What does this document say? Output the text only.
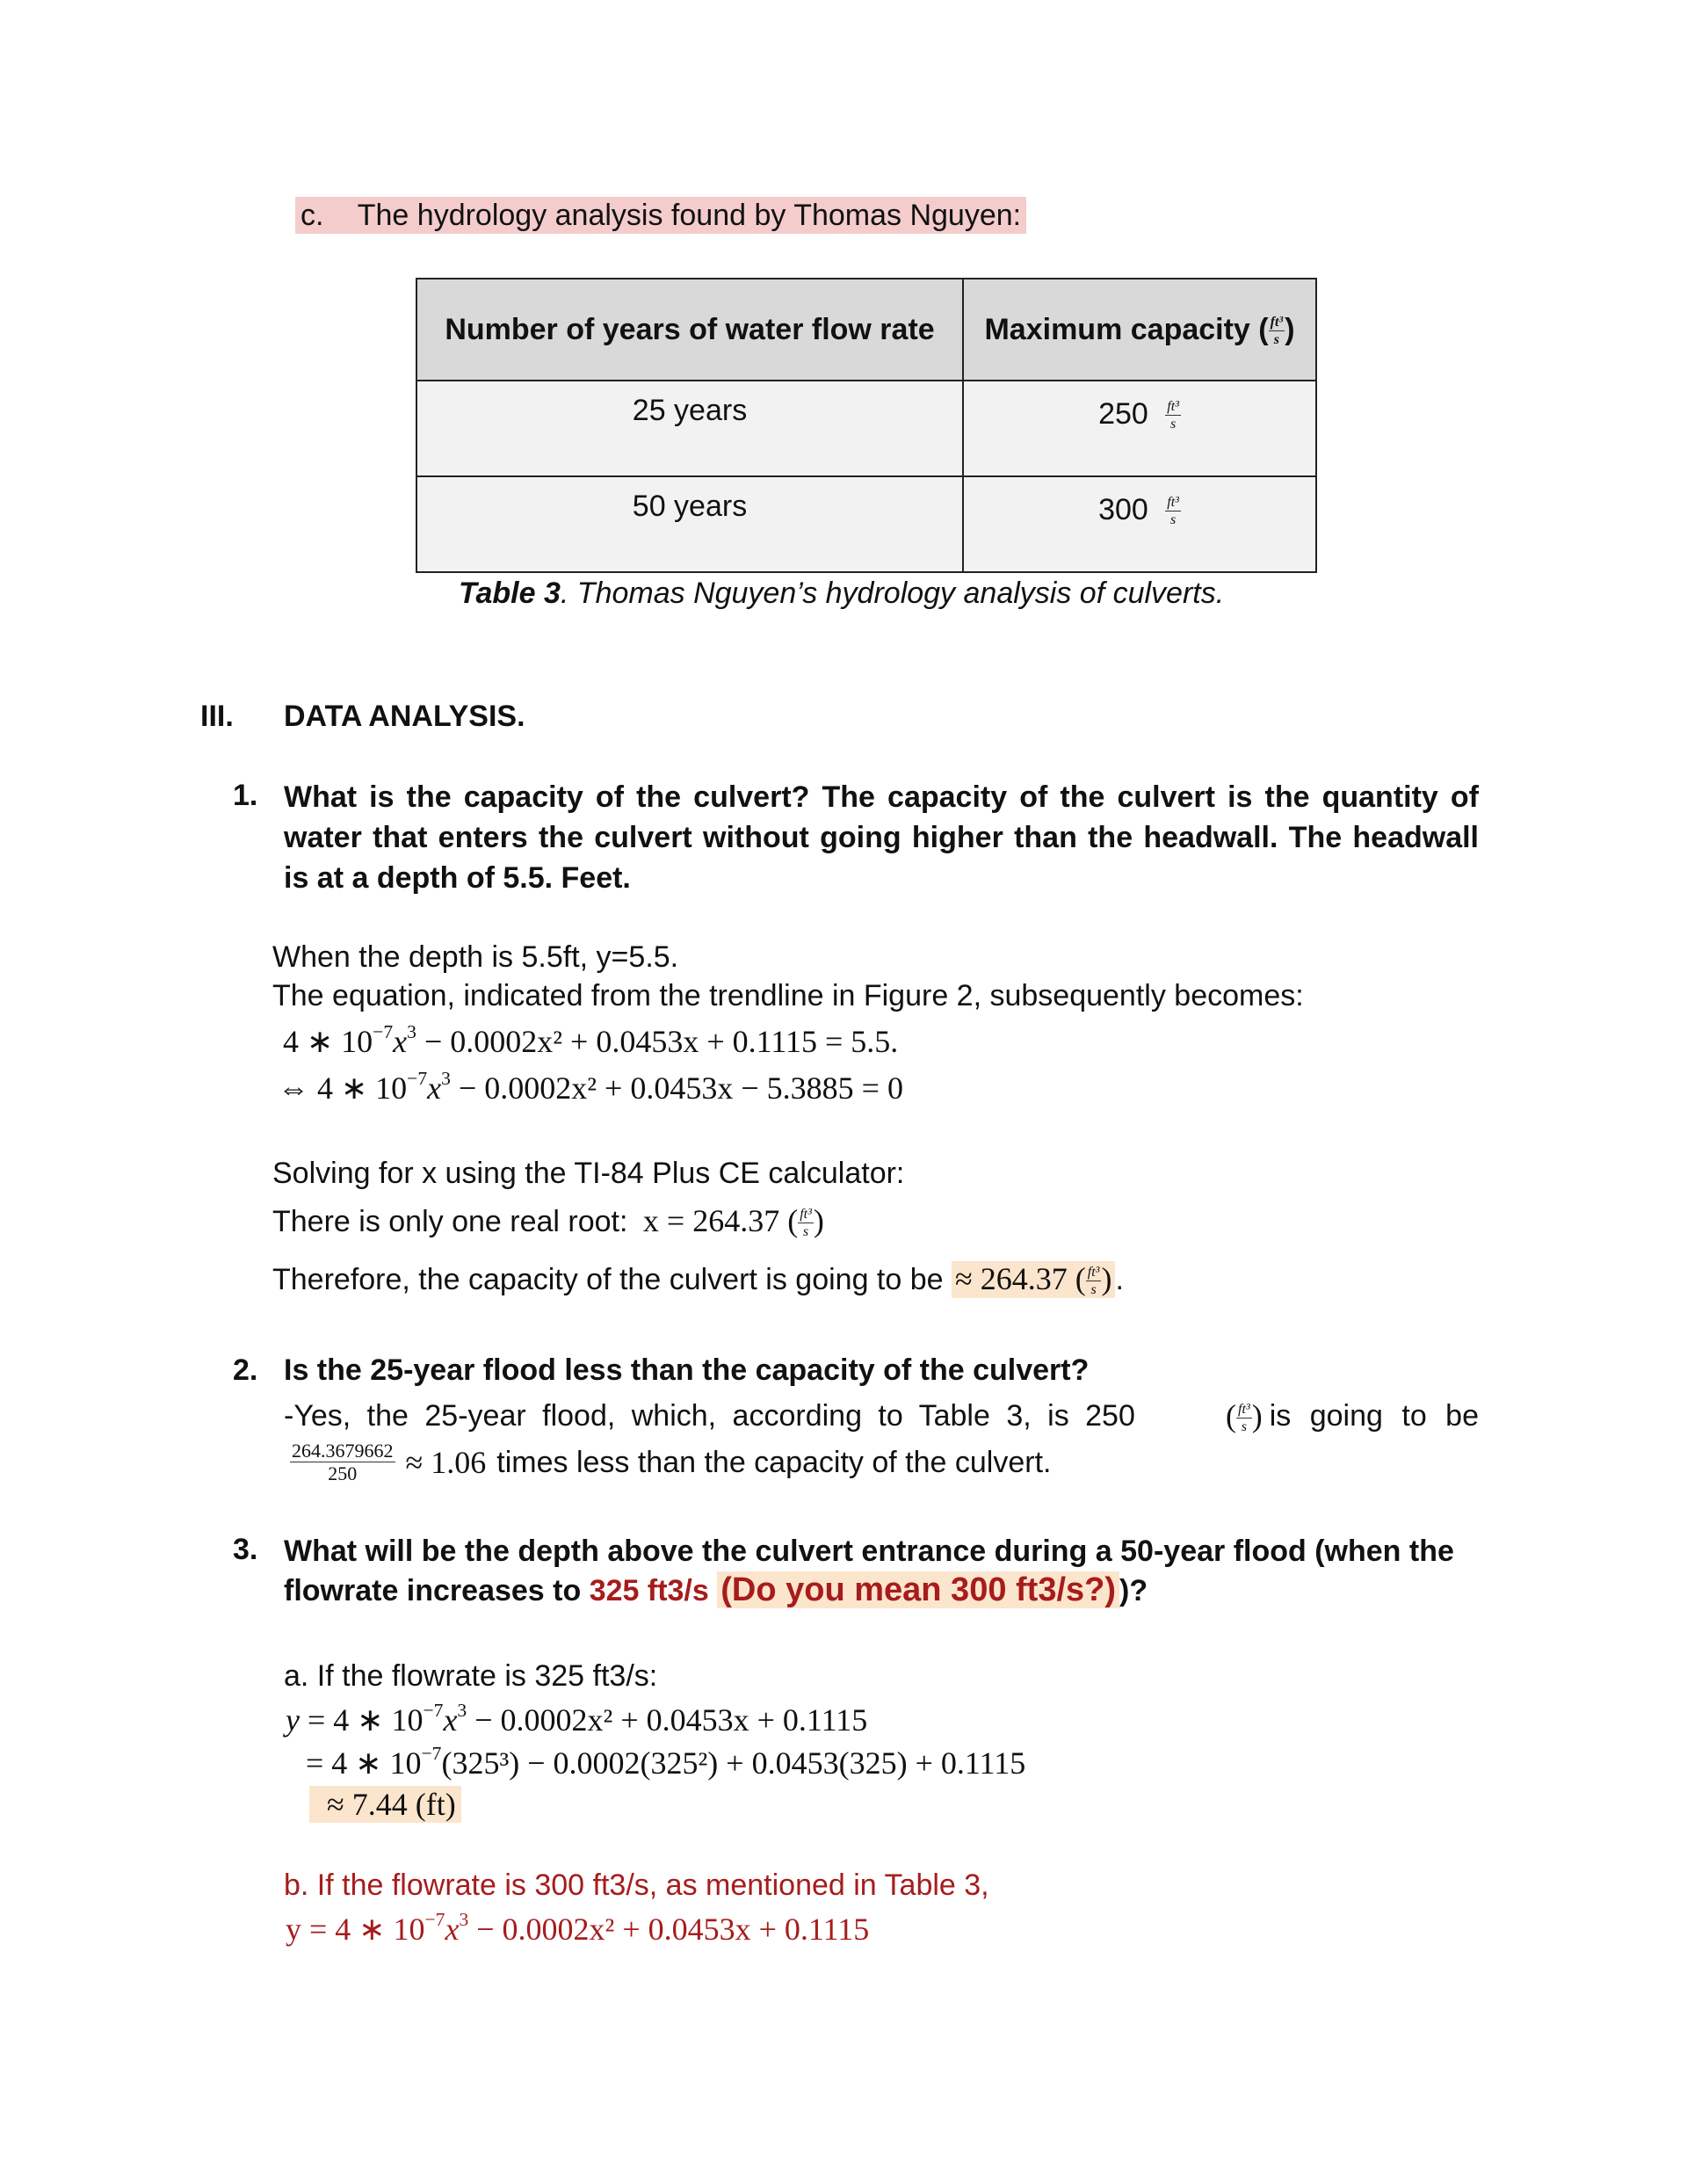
c. The hydrology analysis found by Thomas Nguyen:
Number of years of water flow rate	Maximum capacity ( $\frac{\text{ft³}}{s}$ )
25 years	$250 \frac{\text{ft³}}{s}$

50 years	$300 \frac{\text{ft³}}{s}$
Table 3. Thomas Nguyen’s hydrology analysis of culverts.
III. DATA ANALYSIS.
1. What is the capacity of the culvert? The capacity of the culvert is the quantity of water that enters the culvert without going higher than the headwall. The headwall is at a depth of 5.5. Feet.
When the depth is 5.5ft, y=5.5.
The equation, indicated from the trendline in Figure 2, subsequently becomes:
4 ∗ $10^{-7}x^3 - 0.0002x^2 + 0.0453x + 0.1115 = 5.5$.
⇔ 4 ∗ $10^{-7}x^3 - 0.0002x^2 + 0.0453x - 5.3885 = 0$
Solving for x using the TI-84 Plus CE calculator:
There is only one real root: x = 264.37 ( $\frac{\text{ft³}}{s}$ )
Therefore, the capacity of the culvert is going to be ≈ 264.37 ( $\frac{\text{ft³}}{s}$ ) .
2. Is the 25-year flood less than the capacity of the culvert?
-Yes, the 25-year flood, which, according to Table 3, is 250	( $\frac{\text{ft³}}{s}$ ) is going to be
$\frac{264.3679662}{250} \approx 1.06$ times less than the capacity of the culvert.
3. What will be the depth above the culvert entrance during a 50-year flood (when the
flowrate increases to 325 ft3/s (Do you mean 300 ft3/s?) )?
a. If the flowrate is 325 ft3/s:
y = 4 ∗ $10^{-7}x^3 - 0.0002x^2 + 0.0453x + 0.1115$
= 4 ∗ $10^{-7}(325^3) - 0.0002(325^2) + 0.0453(325) + 0.1115$
≈ 7.44 (ft)
b. If the flowrate is 300 ft3/s, as mentioned in Table 3,
y = 4 ∗ $10^{-7}x^3 - 0.0002x^2 + 0.0453x + 0.1115$
